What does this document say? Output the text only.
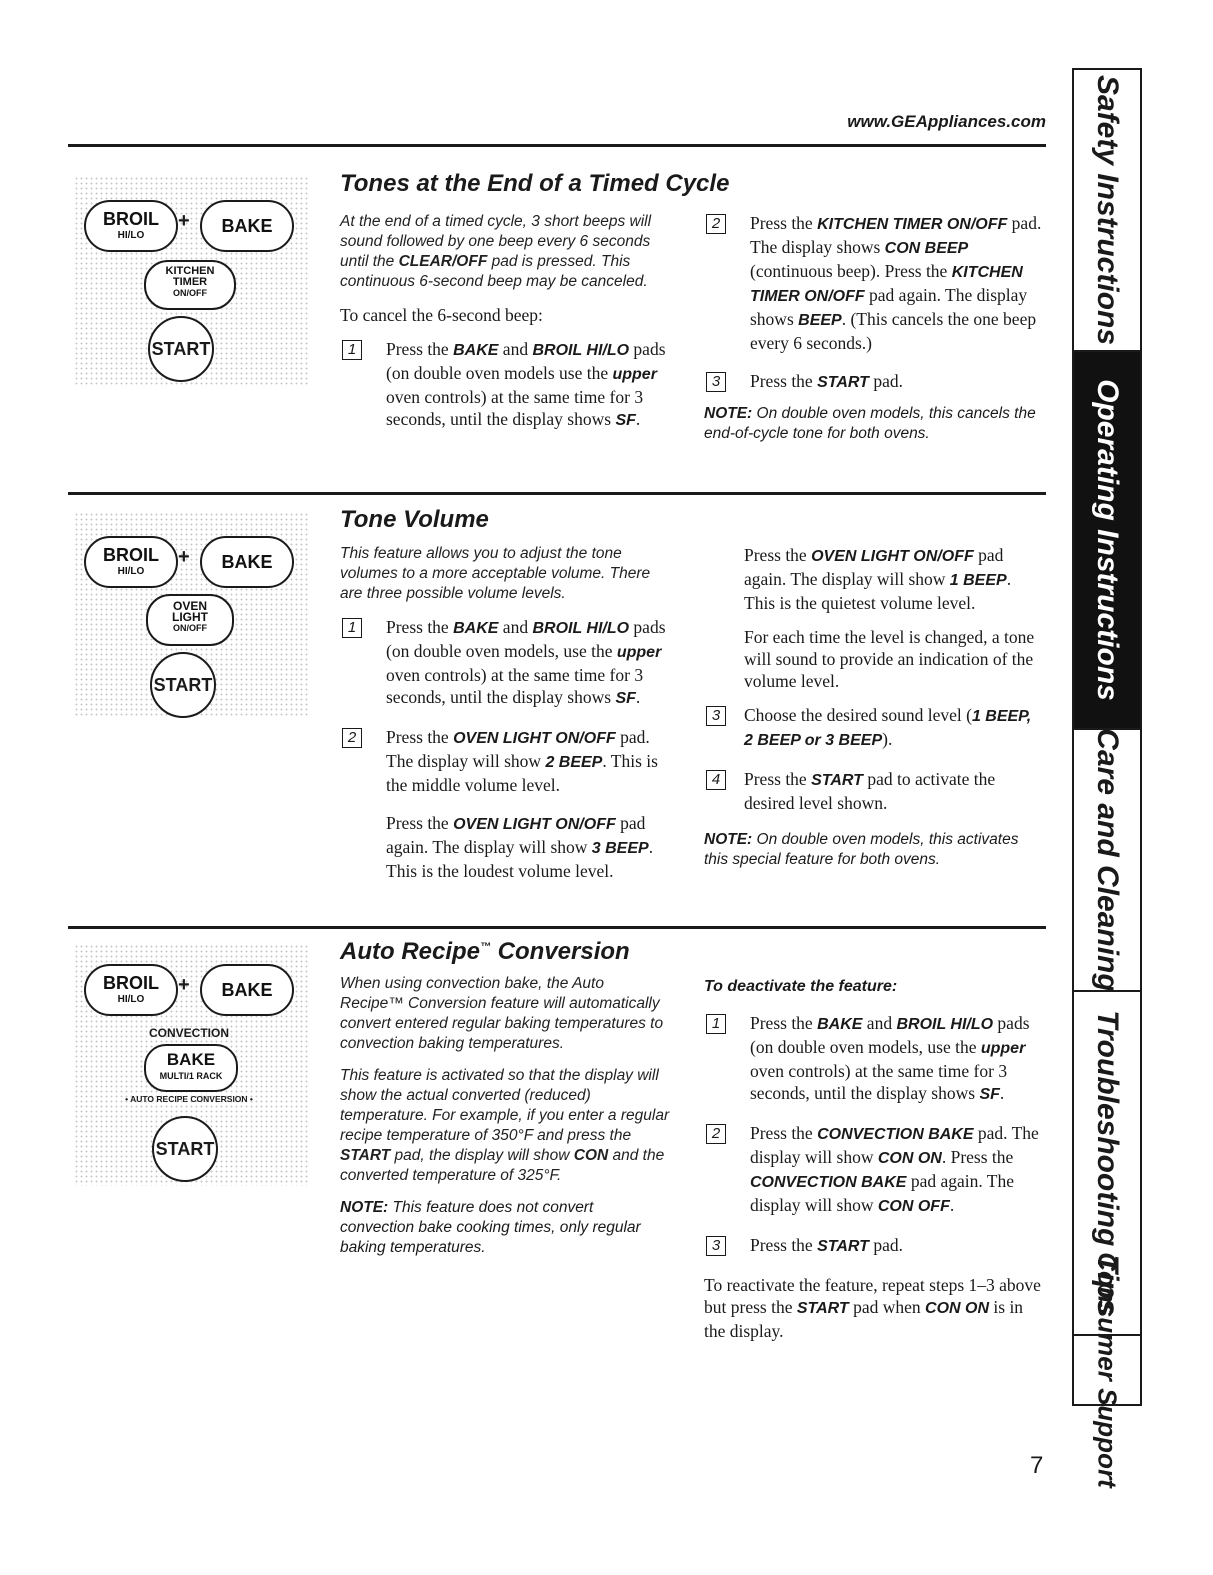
www.GEAppliances.com Safety Instructions
Operating Instructions
Care and Cleaning
Troubleshooting Tips
Consumer Support
BROIL
HI/LO
+	BAKE
KITCHEN
TIMER
ON/OFF
START
BROIL
HI/LO
+	BAKE
OVEN
LIGHT
ON/OFF
START
BROIL
HI/LO
+	BAKE
CONVECTION
BAKE
MULTI/1 RACK
• AUTO RECIPE CONVERSION •
START
Tones at the End of a Timed Cycle

At the end of a timed cycle, 3 short beeps will sound followed by one beep every 6 seconds until the CLEAR/OFF pad is pressed. This continuous 6-second beep may be canceled.

To cancel the 6-second beep:

1	Press the BAKE and BROIL HI/LO pads (on double oven models use the upper oven controls) at the same time for 3 seconds, until the display shows SF.
2	Press the KITCHEN TIMER ON/OFF pad. The display shows CON BEEP (continuous beep). Press the KITCHEN TIMER ON/OFF pad again. The display shows BEEP. (This cancels the one beep every 6 seconds.)
3	Press the START pad.

NOTE: On double oven models, this cancels the end-of-cycle tone for both ovens.

Tone Volume

This feature allows you to adjust the tone volumes to a more acceptable volume. There are three possible volume levels.

1	Press the BAKE and BROIL HI/LO pads (on double oven models, use the upper oven controls) at the same time for 3 seconds, until the display shows SF.
2	Press the OVEN LIGHT ON/OFF pad. The display will show 2 BEEP. This is the middle volume level.

Press the OVEN LIGHT ON/OFF pad again. The display will show 3 BEEP. This is the loudest volume level.

Press the OVEN LIGHT ON/OFF pad again. The display will show 1 BEEP. This is the quietest volume level.

For each time the level is changed, a tone will sound to provide an indication of the volume level.

3	Choose the desired sound level (1 BEEP, 2 BEEP or 3 BEEP).
4	Press the START pad to activate the desired level shown.

NOTE: On double oven models, this activates this special feature for both ovens.

Auto Recipe™ Conversion

When using convection bake, the Auto Recipe™ Conversion feature will automatically convert entered regular baking temperatures to convection baking temperatures.

This feature is activated so that the display will show the actual converted (reduced) temperature. For example, if you enter a regular recipe temperature of 350°F and press the START pad, the display will show CON and the converted temperature of 325°F.

NOTE: This feature does not convert convection bake cooking times, only regular baking temperatures.

To deactivate the feature:

1	Press the BAKE and BROIL HI/LO pads (on double oven models, use the upper oven controls) at the same time for 3 seconds, until the display shows SF.
2	Press the CONVECTION BAKE pad. The display will show CON ON. Press the CONVECTION BAKE pad again. The display will show CON OFF.
3	Press the START pad.

To reactivate the feature, repeat steps 1–3 above but press the START pad when CON ON is in the display.

7
